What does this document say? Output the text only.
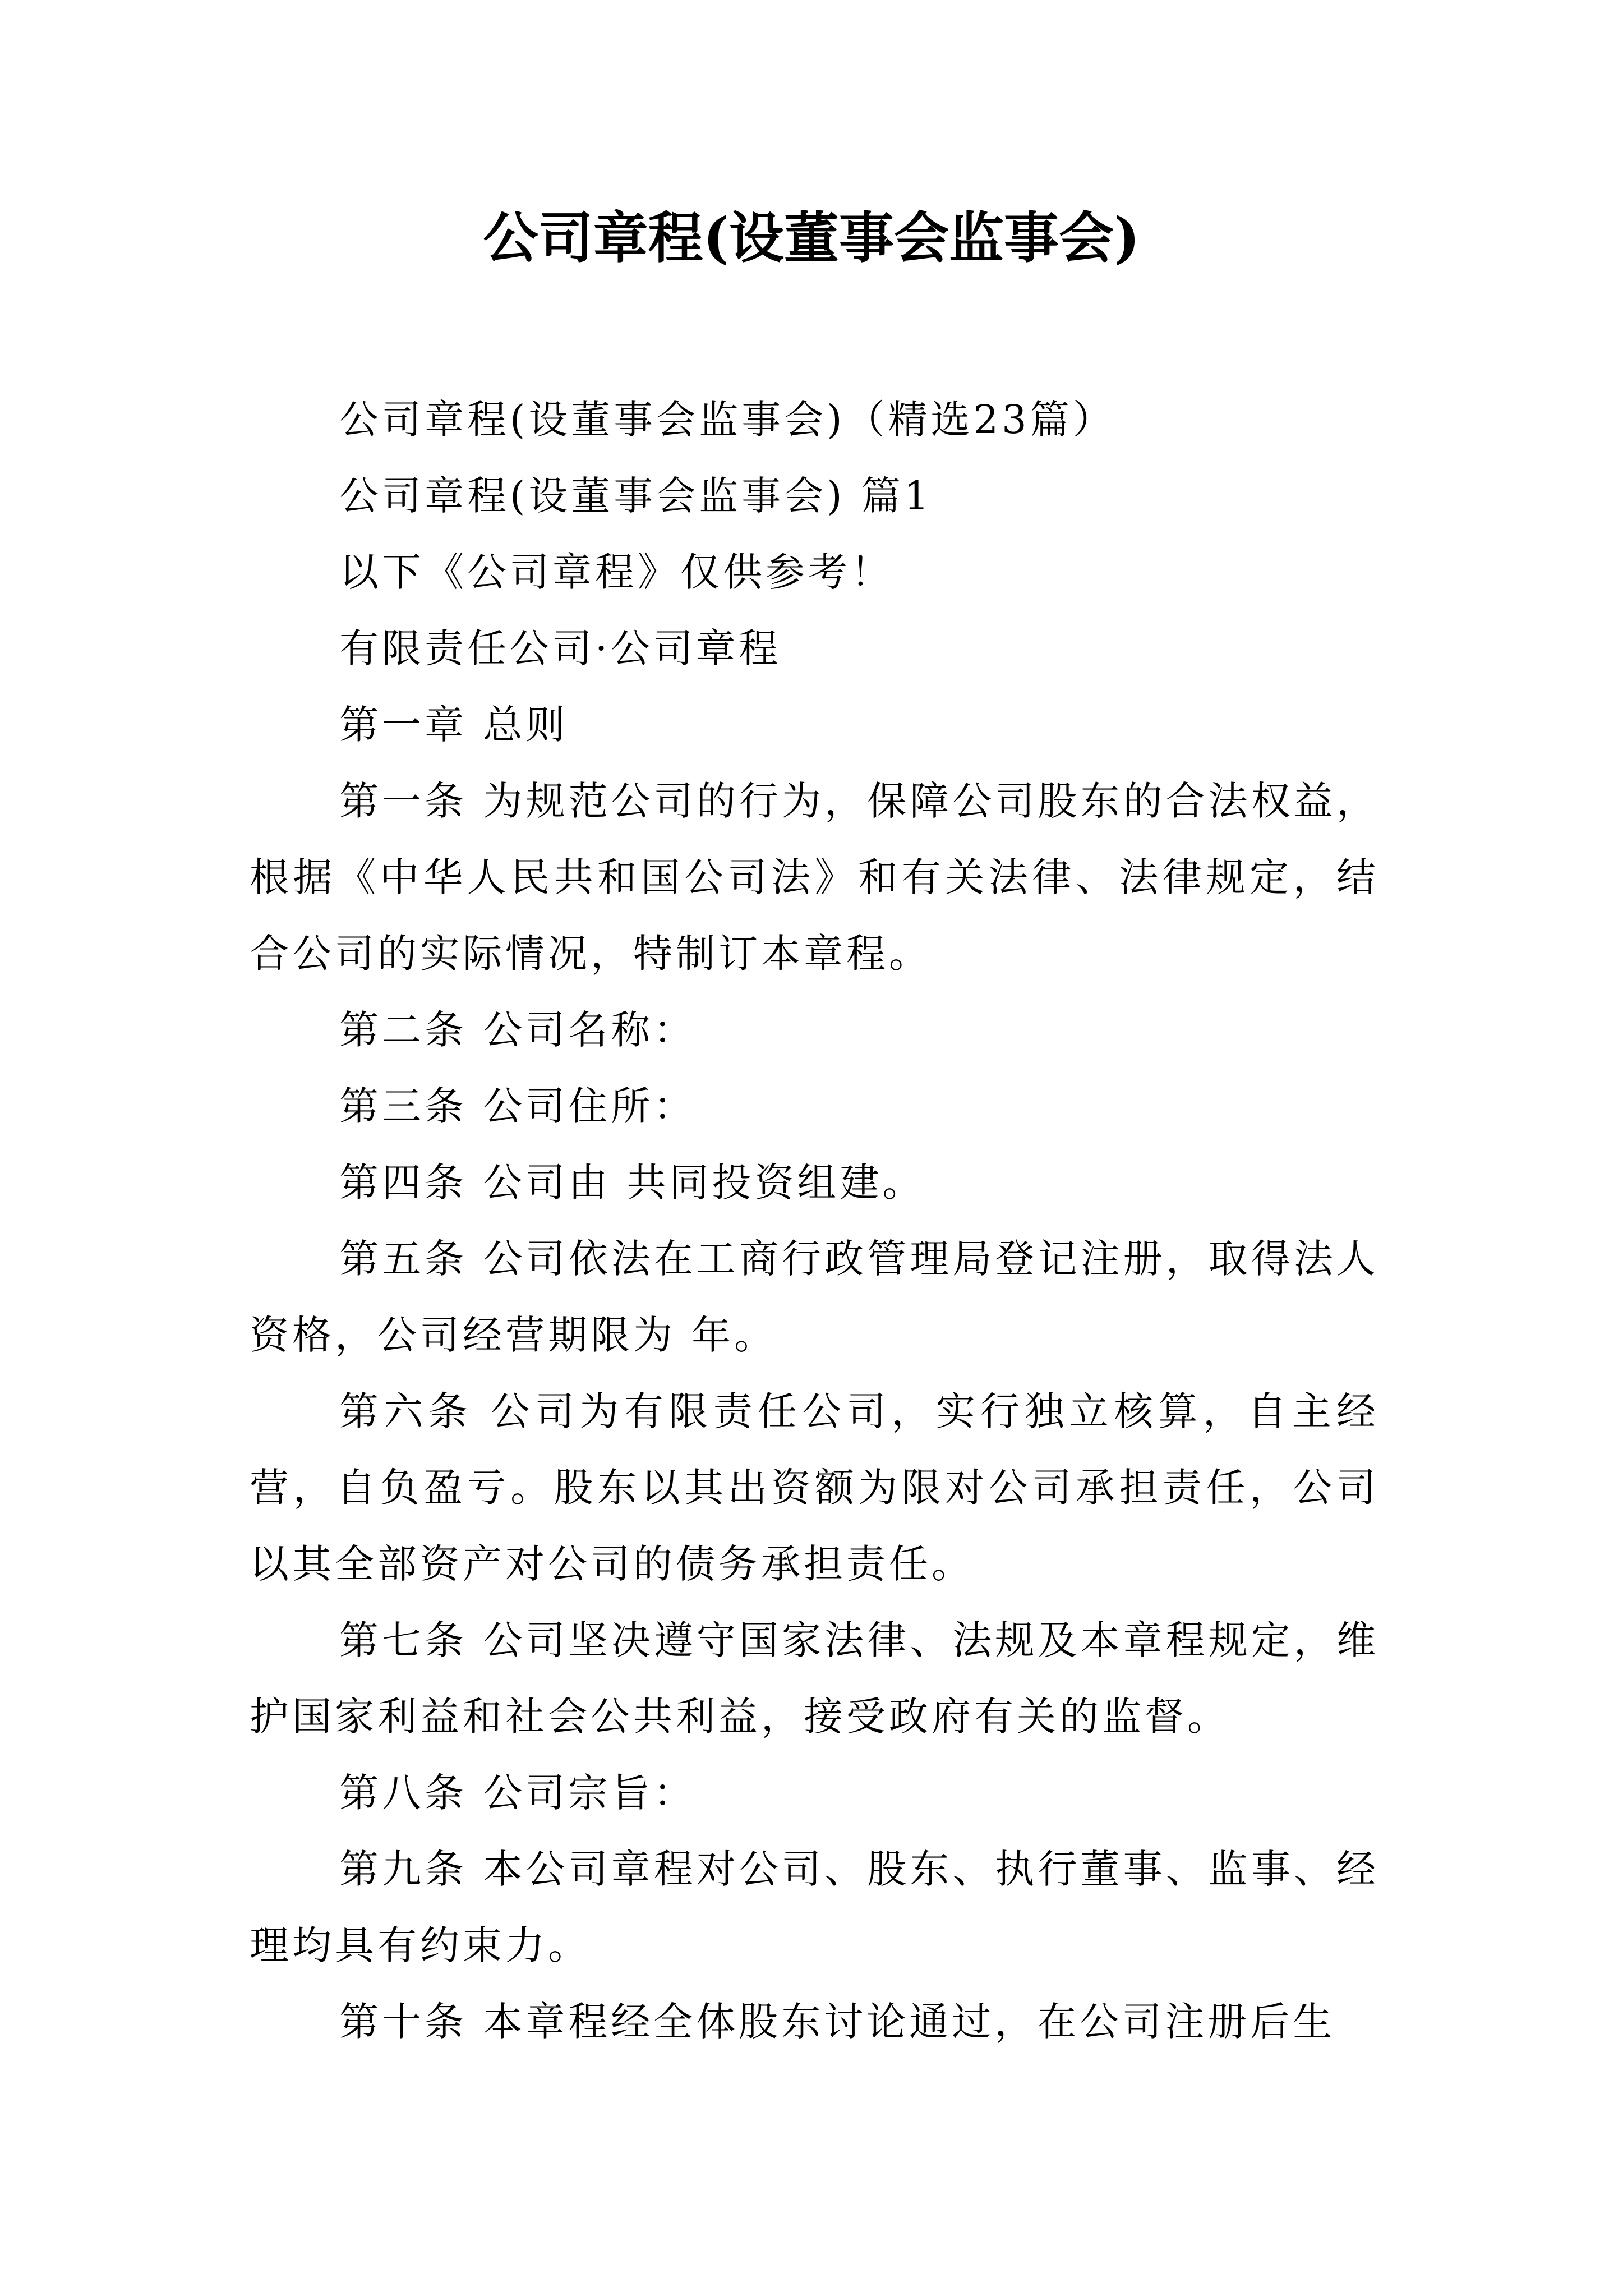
公司章程(设董事会监事会)

公司章程(设董事会监事会)（精选23篇）

公司章程(设董事会监事会) 篇1

以下《公司章程》仅供参考！

有限责任公司·公司章程

第一章 总则

第一条 为规范公司的行为，保障公司股东的合法权益，根据《中华人民共和国公司法》和有关法律、法律规定，结合公司的实际情况，特制订本章程。

第二条 公司名称：

第三条 公司住所：

第四条 公司由 共同投资组建。

第五条 公司依法在工商行政管理局登记注册，取得法人资格，公司经营期限为 年。

第六条 公司为有限责任公司，实行独立核算，自主经营，自负盈亏。股东以其出资额为限对公司承担责任，公司以其全部资产对公司的债务承担责任。

第七条 公司坚决遵守国家法律、法规及本章程规定，维护国家利益和社会公共利益，接受政府有关的监督。

第八条 公司宗旨：

第九条 本公司章程对公司、股东、执行董事、监事、经理均具有约束力。

第十条 本章程经全体股东讨论通过，在公司注册后生
